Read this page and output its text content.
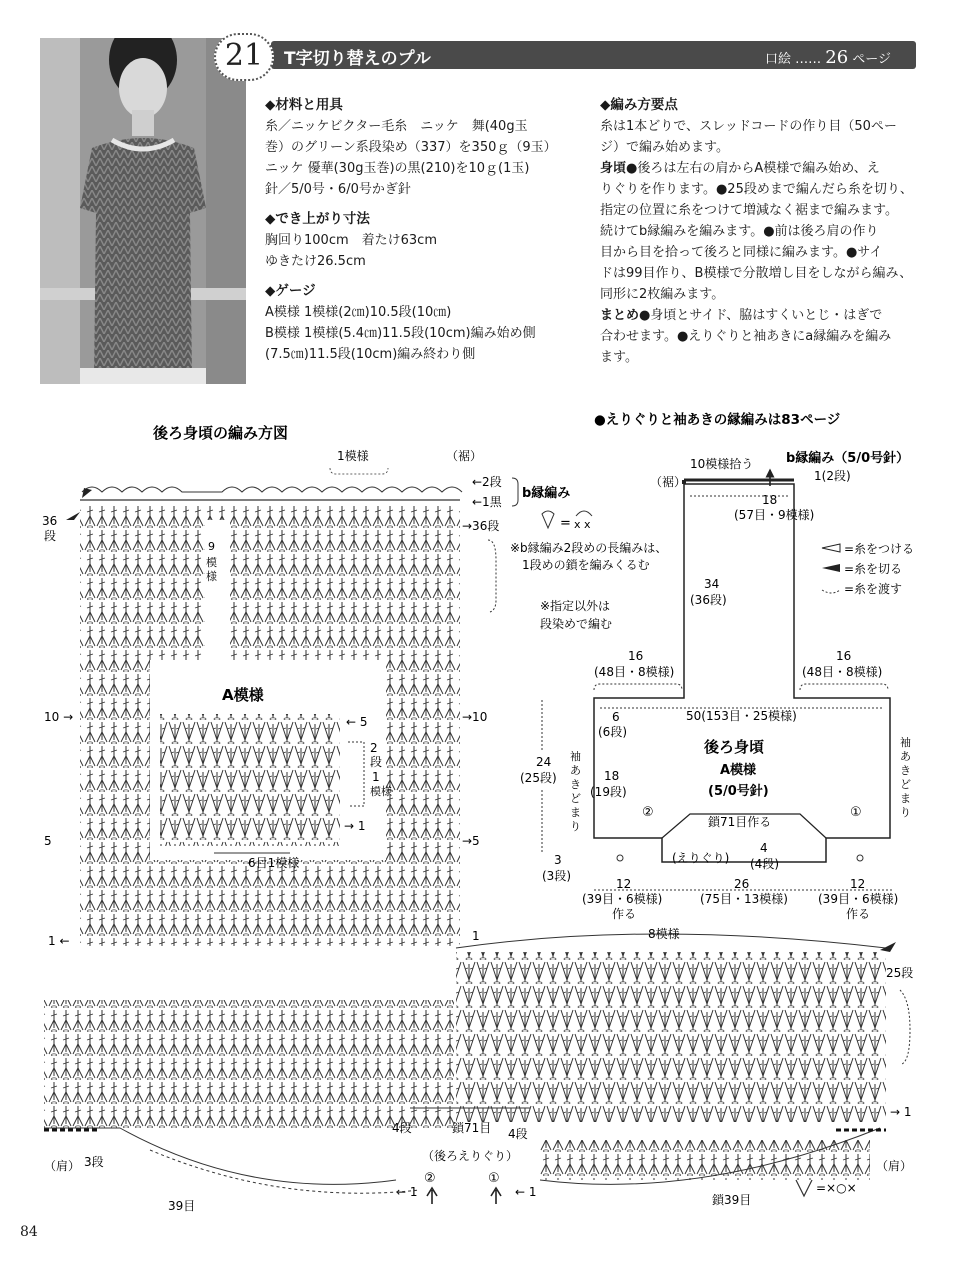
21	T字切り替えのプル	口絵 …… 26 ページ
◆材料と用具

糸／ニッケビクター毛糸　ニッケ　舞(40g玉

巻）のグリーン系段染め（337）を350ｇ（9玉）

ニッケ 優華(30g玉巻)の黒(210)を10ｇ(1玉)

針／5/0号・6/0号かぎ針

◆でき上がり寸法

胸回り100cm　着たけ63cm

ゆきたけ26.5cm

◆ゲージ

A模様 1模様(2㎝)10.5段(10㎝)

B模様 1模様(5.4㎝)11.5段(10cm)編み始め側

(7.5㎝)11.5段(10cm)編み終わり側

◆編み方要点

糸は1本どりで、スレッドコードの作り目（50ペー

ジ）で編み始めます。

身頃●後ろは左右の肩からA模様で編み始め、え

りぐりを作ります。●25段めまで編んだら糸を切り、

指定の位置に糸をつけて増減なく裾まで編みます。

続けてb縁編みを編みます。●前は後ろ肩の作り

目から目を拾って後ろと同様に編みます。●サイ

ドは99目作り、B模様で分散増し目をしながら編み、

同形に2枚編みます。

まとめ●身頃とサイド、脇はすくいとじ・はぎで

合わせます。●えりぐりと袖あきにa縁編みを編み

ます。

後ろ身頃の編み方図
1模様	（裾）
←2段
←1黒
b縁編み
36
段
→36段
9
模
様
A模様
10 →	→10
← 5
2
段
1
模様
→ 1
6目1模様
5	→5
1 ←	1	8模様
25段
→ 1
← 1	← 1
4段	鎖71目 4段
（後ろえりぐり）
②	①
（肩）	（肩）
3段
39目	鎖39目
=×○×
= x x
※b縁編み2段めの長編みは、
1段めの鎖を編みくるむ
※指定以外は
段染めで編む
●えりぐりと袖あきの縁編みは83ページ
10模様拾う	b縁編み（5/0号針）
1(2段)
（裾）
18
(57目・9模様)
34
(36段)
16
(48目・8模様)
16
(48目・8模様)
50(153目・25模様)
6
(6段)
後ろ身頃
A模様
(5/0号針)
24
(25段)	18
(19段)
袖
あ
き
ど
ま
り
袖
あ
き
ど
ま
り
②	①
鎖71目作る
(えりぐり)
4
(4段)
3
(3段)
12
(39目・6模様)
作る
26
(75目・13模様)
12
(39目・6模様)
作る
=糸をつける
=糸を切る
=糸を渡す
84
